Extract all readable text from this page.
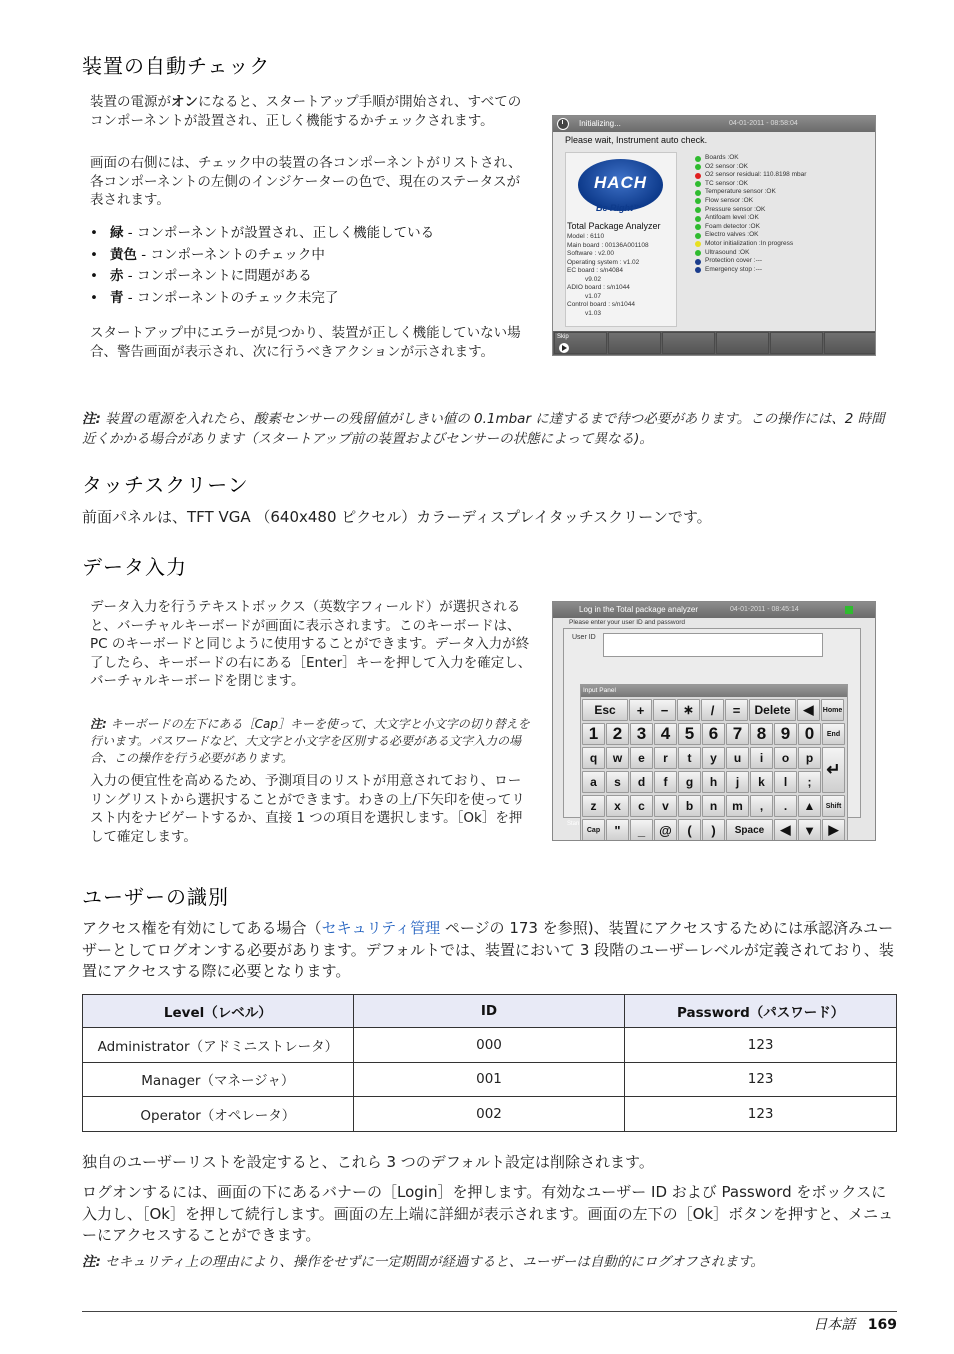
装置の自動チェック
装置の電源がオンになると、スタートアップ手順が開始され、すべてのコンポーネントが設置され、正しく機能するかチェックされます。
画面の右側には、チェック中の装置の各コンポーネントがリストされ、各コンポーネントの左側のインジケーターの色で、現在のステータスが表されます。
• 緑 - コンポーネントが設置され、正しく機能している
• 黄色 - コンポーネントのチェック中
• 赤 - コンポーネントに問題がある
• 青 - コンポーネントのチェック未完了
スタートアップ中にエラーが見つかり、装置が正しく機能していない場合、警告画面が表示され、次に行うべきアクションが示されます。
Initializing...	04-01-2011 - 08:58:04
Please wait, Instrument auto check.
HACH
Be Right™
Total Package Analyzer
Model : 6110
Main board : 00136A001108
Software : v2.00
Operating system : v1.02
EC board : s/n4084
v9.02
ADIO board : s/n1044
v1.07
Control board : s/n1044
v1.03
Boards :OK
O2 sensor :OK
O2 sensor residual: 110.8198 mbar
TC sensor :OK
Temperature sensor :OK
Flow sensor :OK
Pressure sensor :OK
Antifoam level :OK
Foam detector :OK
Electro valves :OK
Motor initialization :In progress
Ultrasound :OK
Protection cover :---
Emergency stop :---
Skip
注: 装置の電源を入れたら、酸素センサーの残留値がしきい値の 0.1mbar に達するまで待つ必要があります。この操作には、2 時間近くかかる場合があります（スタートアップ前の装置およびセンサーの状態によって異なる)。
タッチスクリーン
前面パネルは、TFT VGA （640x480 ピクセル）カラーディスプレイタッチスクリーンです。
データ入力
データ入力を行うテキストボックス（英数字フィールド）が選択されると、バーチャルキーボードが画面に表示されます。このキーボードは、PC のキーボードと同じように使用することができます。データ入力が終了したら、キーボードの右にある［Enter］キーを押して入力を確定し、バーチャルキーボードを閉じます。
注: キーボードの左下にある［Cap］キーを使って、大文字と小文字の切り替えを行います。パスワードなど、大文字と小文字を区別する必要がある文字入力の場合、この操作を行う必要があります。
入力の便宜性を高めるため、予測項目のリストが用意されており、ローリングリストから選択することができます。わきの上/下矢印を使ってリスト内をナビゲートするか、直接 1 つの項目を選択します。［Ok］を押して確定します。
Log in the Total package analyzer	04-01-2011 - 08:45:14
Please enter your user ID and password
User ID
Stan
Input Panel
Esc	+	−	∗	/	=	Delete ◀	Home
1 2 3 4 5 6 7 8 9 0	End
q	w	e	r	t	y	u	i	o	p
a	s	d	f	g	h	j	k	l	;
↵
z	x	c	v	b	n	m	,	.	▲	Shift
Cap	"	_	@	(	)	Space	◀ ▼ ▶
ユーザーの識別
アクセス権を有効にしてある場合（セキュリティ管理 ページの 173 を参照)、装置にアクセスするためには承認済みユーザーとしてログオンする必要があります。デフォルトでは、装置において 3 段階のユーザーレベルが定義されており、装置にアクセスする際に必要となります。
Level（レベル）	ID	Password（パスワード）
Administrator（アドミニストレータ）	000	123
Manager（マネージャ）	001	123
Operator（オペレータ）	002	123
独自のユーザーリストを設定すると、これら 3 つのデフォルト設定は削除されます。
ログオンするには、画面の下にあるバナーの［Login］を押します。有効なユーザー ID および Password をボックスに入力し、［Ok］を押して続行します。画面の左上端に詳細が表示されます。画面の左下の［Ok］ボタンを押すと、メニューにアクセスすることができます。
注: セキュリティ上の理由により、操作をせずに一定期間が経過すると、ユーザーは自動的にログオフされます。
日本語 169
